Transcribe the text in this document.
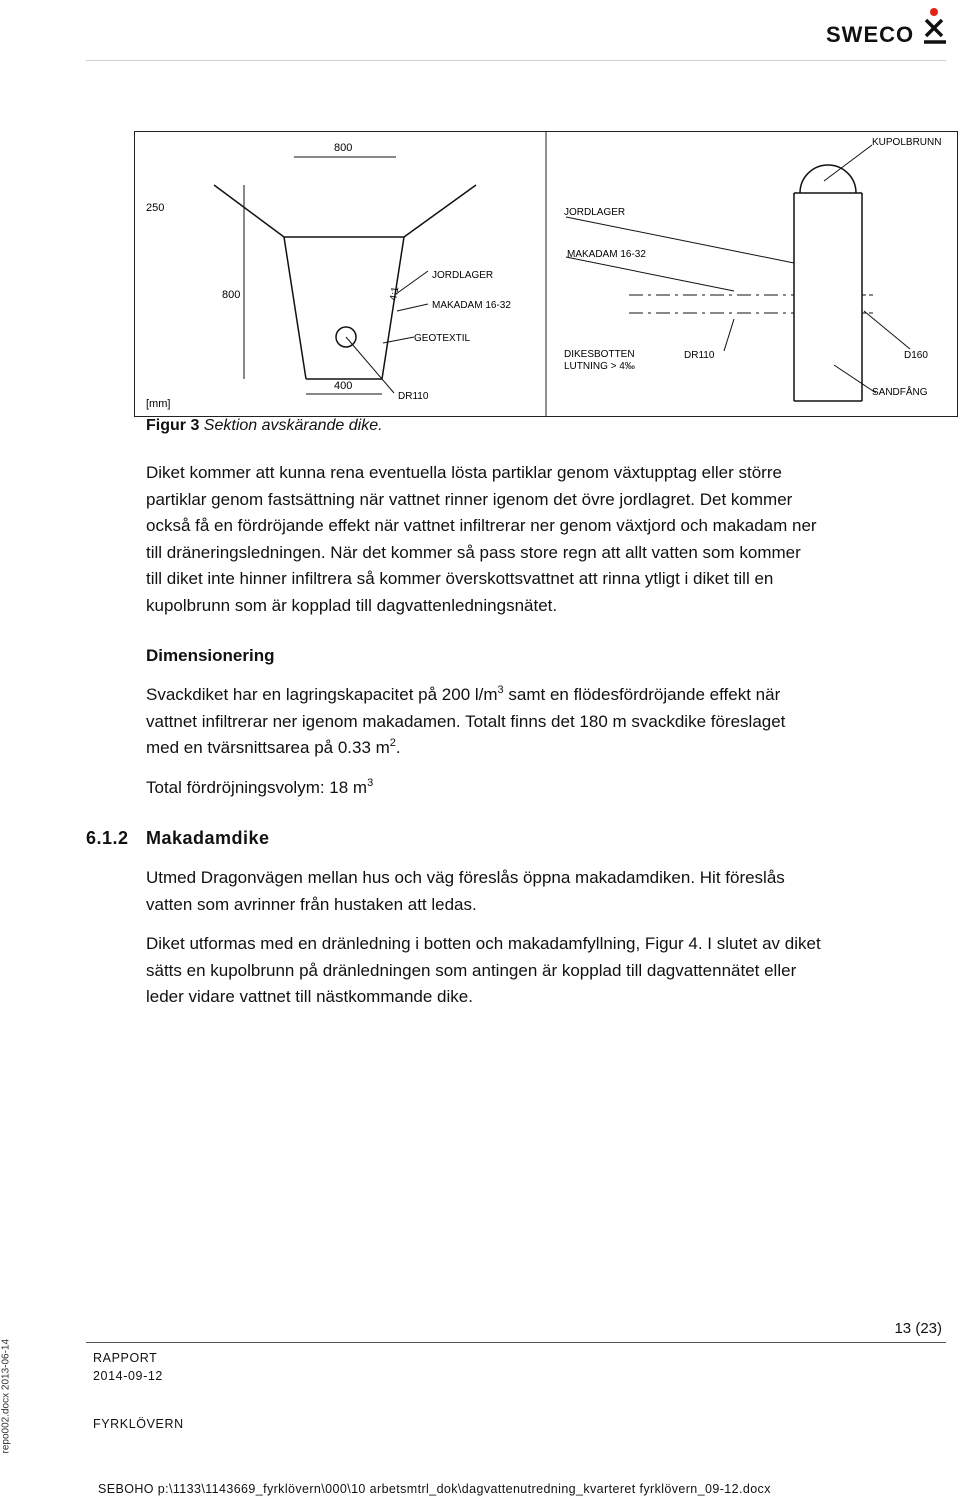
SWECO
800
250
800	4:1
JORDLAGER
MAKADAM 16-32
GEOTEXTIL
400
DR110
[mm]
KUPOLBRUNN
JORDLAGER
MAKADAM 16-32
DIKESBOTTEN
LUTNING > 4‰
DR110	D160
SANDFÅNG
Figur 3 Sektion avskärande dike.
Diket kommer att kunna rena eventuella lösta partiklar genom växtupptag eller större
partiklar genom fastsättning när vattnet rinner igenom det övre jordlagret. Det kommer
också få en fördröjande effekt när vattnet infiltrerar ner genom växtjord och makadam ner
till dräneringsledningen. När det kommer så pass store regn att allt vatten som kommer
till diket inte hinner infiltrera så kommer överskottsvattnet att rinna ytligt i diket till en
kupolbrunn som är kopplad till dagvattenledningsnätet.
Dimensionering
Svackdiket har en lagringskapacitet på 200 $l/m^3$ samt en flödesfördröjande effekt när
vattnet infiltrerar ner igenom makadamen. Totalt finns det 180 m svackdike föreslaget
med en tvärsnittsarea på 0.33 $m^2$.
Total fördröjningsvolym: 18 $m^3$
6.1.2 Makadamdike
Utmed Dragonvägen mellan hus och väg föreslås öppna makadamdiken. Hit föreslås
vatten som avrinner från hustaken att ledas.
Diket utformas med en dränledning i botten och makadamfyllning, Figur 4. I slutet av diket
sätts en kupolbrunn på dränledningen som antingen är kopplad till dagvattennätet eller
leder vidare vattnet till nästkommande dike.
13 (23)
RAPPORT
2014-09-12
FYRKLÖVERN
repo002.docx 2013-06-14
SEBOHO p:\1133\1143669_fyrklövern\000\10 arbetsmtrl_dok\dagvattenutredning_kvarteret fyrklövern_09-12.docx
